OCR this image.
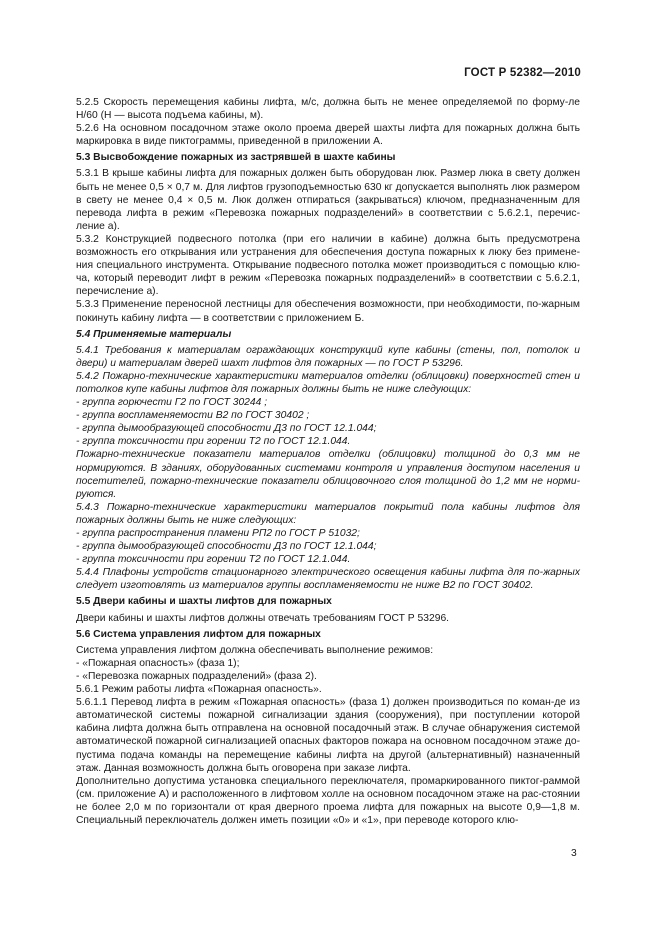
ГОСТ Р 52382—2010

5.2.5 Скорость перемещения кабины лифта, м/с, должна быть не менее определяемой по форму-ле H/60 (H — высота подъема кабины, м).

5.2.6 На основном посадочном этаже около проема дверей шахты лифта для пожарных должна быть маркировка в виде пиктограммы, приведенной в приложении А.

5.3 Высвобождение пожарных из застрявшей в шахте кабины

5.3.1 В крыше кабины лифта для пожарных должен быть оборудован люк. Размер люка в свету должен быть не менее 0,5 × 0,7 м. Для лифтов грузоподъемностью 630 кг допускается выполнять люк размером в свету не менее 0,4 × 0,5 м. Люк должен отпираться (закрываться) ключом, предназначенным для перевода лифта в режим «Перевозка пожарных подразделений» в соответствии с 5.6.2.1, перечис-ление а).

5.3.2 Конструкцией подвесного потолка (при его наличии в кабине) должна быть предусмотрена возможность его открывания или устранения для обеспечения доступа пожарных к люку без примене-ния специального инструмента. Открывание подвесного потолка может производиться с помощью клю-ча, который переводит лифт в режим «Перевозка пожарных подразделений» в соответствии с 5.6.2.1, перечисление а).

5.3.3 Применение переносной лестницы для обеспечения возможности, при необходимости, по-жарным покинуть кабину лифта — в соответствии с приложением Б.

5.4 Применяемые материалы

5.4.1 Требования к материалам ограждающих конструкций купе кабины (стены, пол, потолок и двери) и материалам дверей шахт лифтов для пожарных — по ГОСТ Р 53296.

5.4.2 Пожарно-технические характеристики материалов отделки (облицовки) поверхностей стен и потолков купе кабины лифтов для пожарных должны быть не ниже следующих:

- группа горючести Г2 по ГОСТ 30244 ;

- группа воспламеняемости В2 по ГОСТ 30402 ;

- группа дымообразующей способности Д3 по ГОСТ 12.1.044;

- группа токсичности при горении Т2 по ГОСТ 12.1.044.

Пожарно-технические показатели материалов отделки (облицовки) толщиной до 0,3 мм не нормируются. В зданиях, оборудованных системами контроля и управления доступом населения и посетителей, пожарно-технические показатели облицовочного слоя толщиной до 1,2 мм не норми-руются.

5.4.3 Пожарно-технические характеристики материалов покрытий пола кабины лифтов для пожарных должны быть не ниже следующих:

- группа распространения пламени РП2 по ГОСТ Р 51032;

- группа дымообразующей способности Д3 по ГОСТ 12.1.044;

- группа токсичности при горении Т2 по ГОСТ 12.1.044.

5.4.4 Плафоны устройств стационарного электрического освещения кабины лифта для по-жарных следует изготовлять из материалов группы воспламеняемости не ниже В2 по ГОСТ 30402.

5.5 Двери кабины и шахты лифтов для пожарных

Двери кабины и шахты лифтов должны отвечать требованиям ГОСТ Р 53296.

5.6 Система управления лифтом для пожарных

Система управления лифтом должна обеспечивать выполнение режимов:

- «Пожарная опасность» (фаза 1);

- «Перевозка пожарных подразделений» (фаза 2).

5.6.1 Режим работы лифта «Пожарная опасность».

5.6.1.1 Перевод лифта в режим «Пожарная опасность» (фаза 1) должен производиться по коман-де из автоматической системы пожарной сигнализации здания (сооружения), при поступлении которой кабина лифта должна быть отправлена на основной посадочный этаж. В случае обнаружения системой автоматической пожарной сигнализацией опасных факторов пожара на основном посадочном этаже до-пустима подача команды на перемещение кабины лифта на другой (альтернативный) назначенный этаж. Данная возможность должна быть оговорена при заказе лифта.

Дополнительно допустима установка специального переключателя, промаркированного пиктог-раммой (см. приложение А) и расположенного в лифтовом холле на основном посадочном этаже на рас-стоянии не более 2,0 м по горизонтали от края дверного проема лифта для пожарных на высоте 0,9—1,8 м. Специальный переключатель должен иметь позиции «0» и «1», при переводе которого клю-

3
